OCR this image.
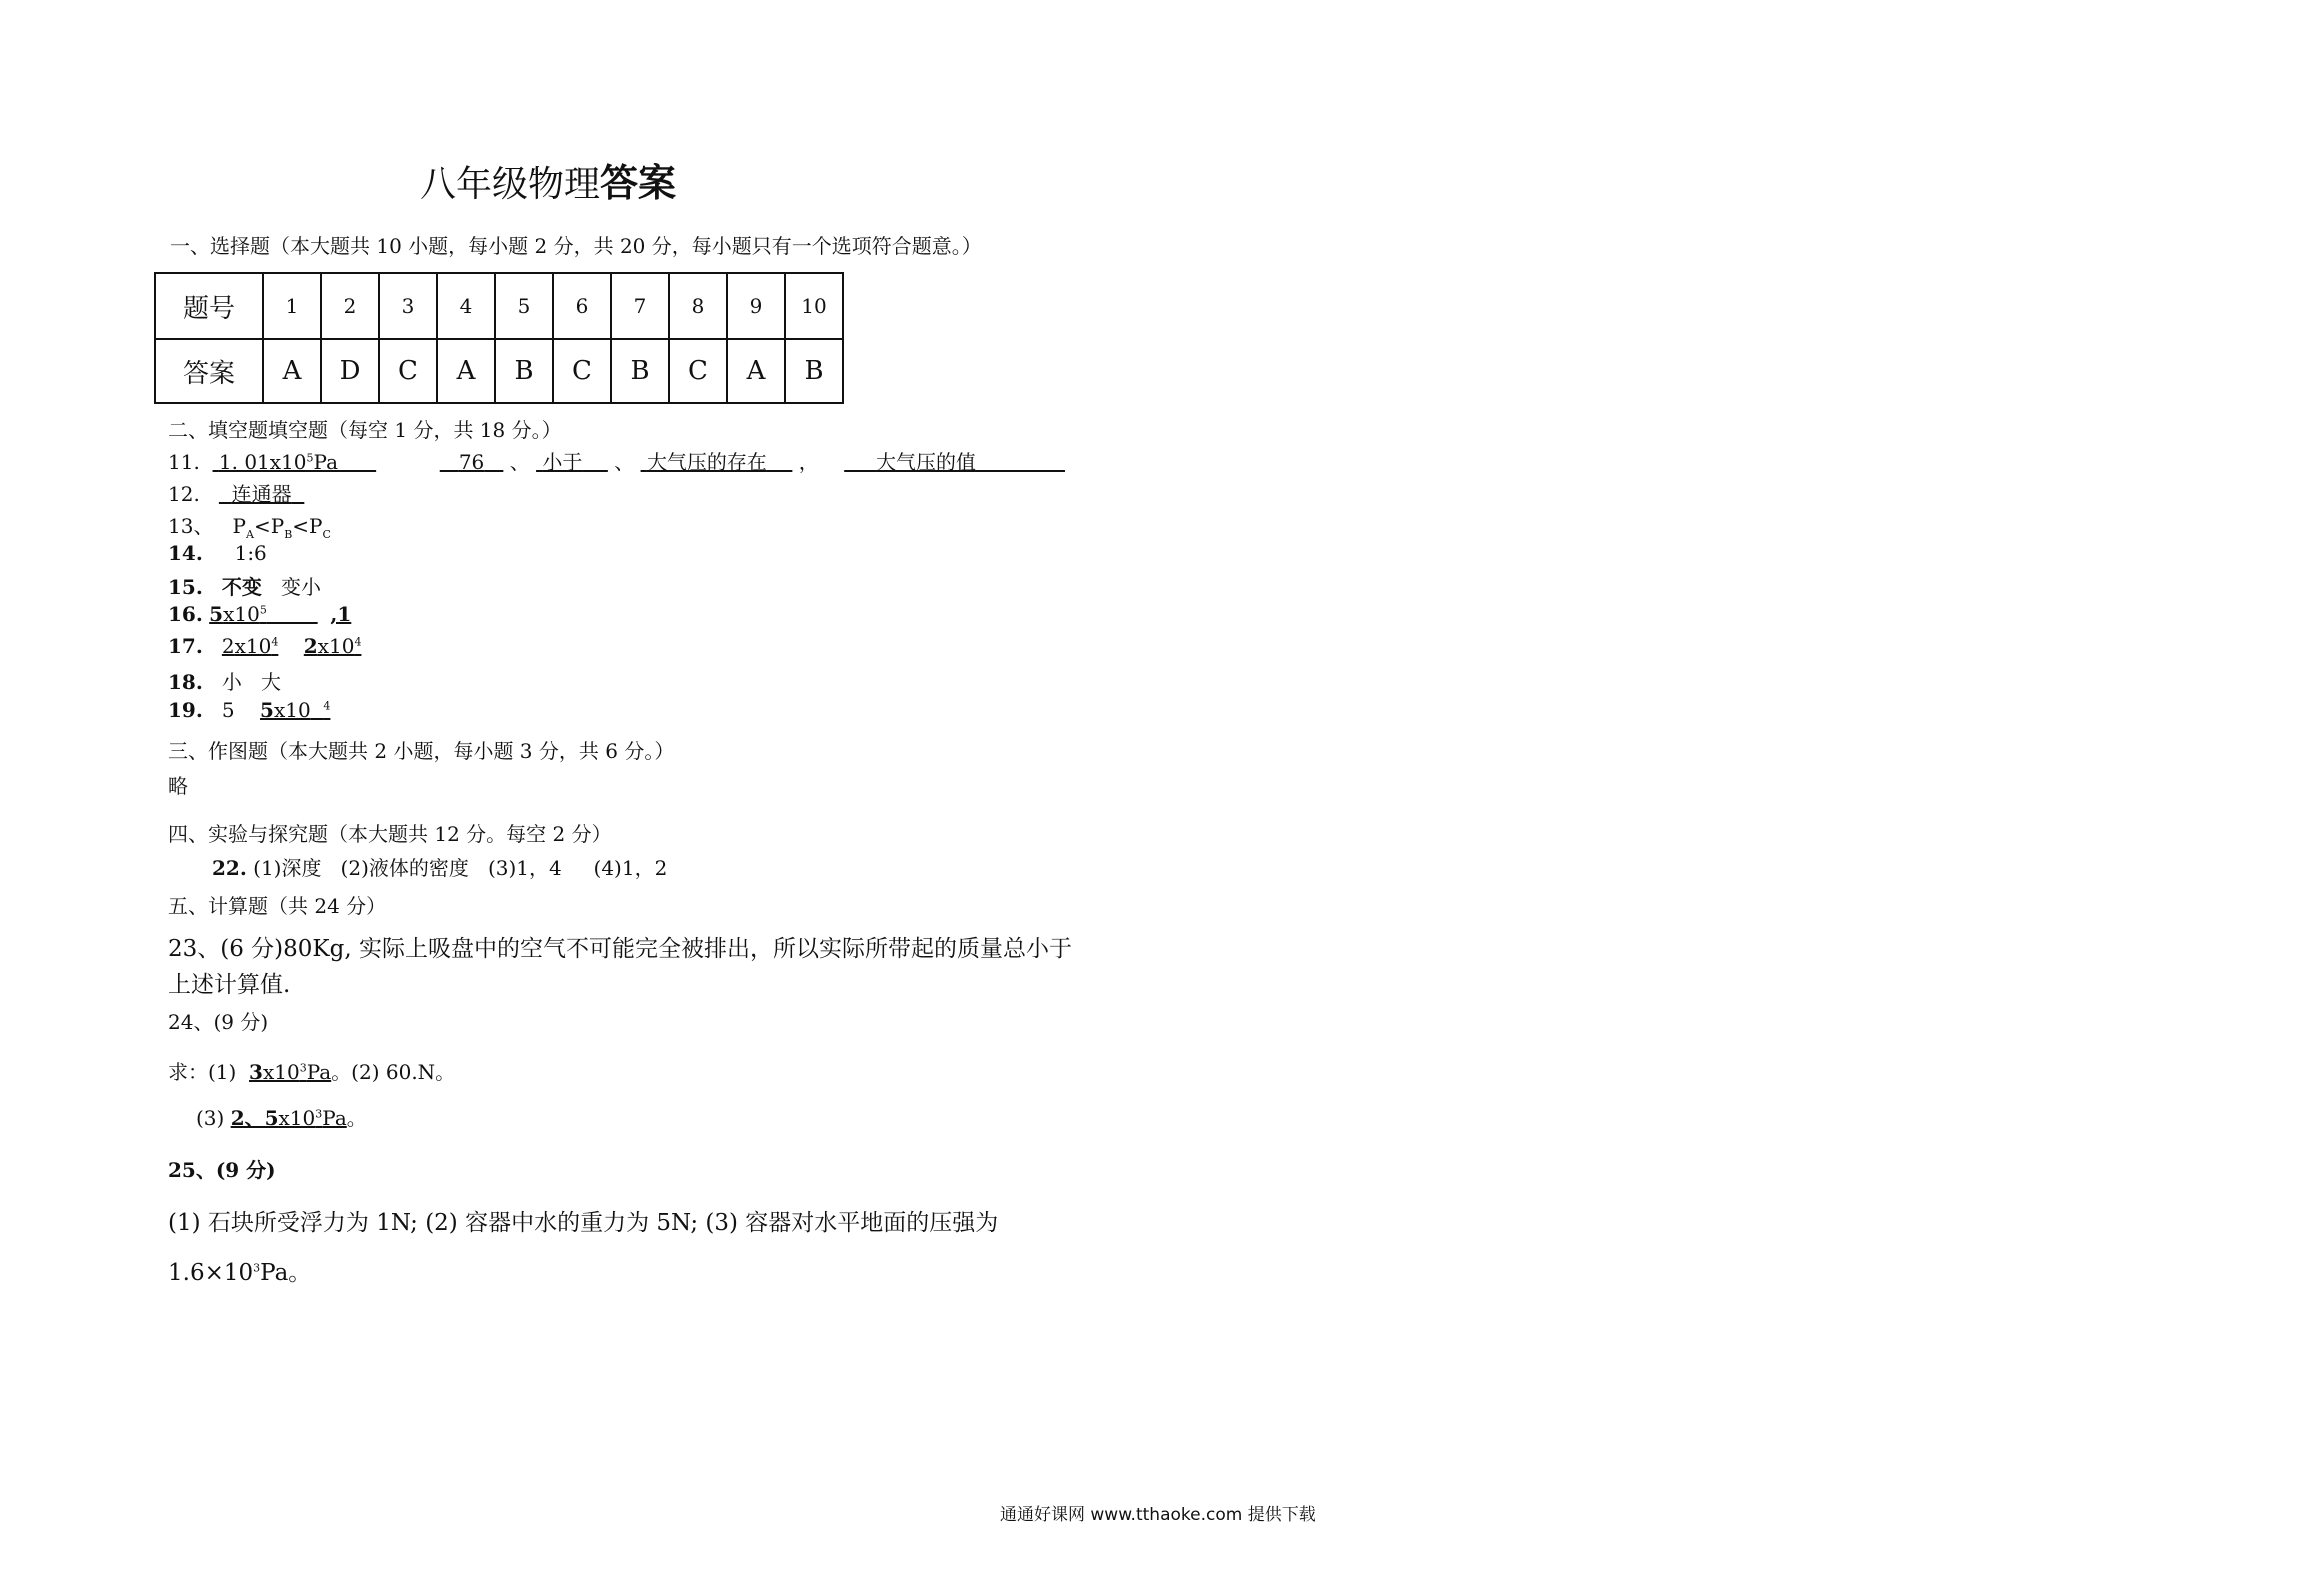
八年级物理答案
一、选择题（本大题共 10 小题，每小题 2 分，共 20 分，每小题只有一个选项符合题意。）
题号	1	2	3	4	5	6	7	8	9	10
答案	A	D	C	A	B	C	B	C	A	B
二、填空题填空题（每空 1 分，共 18 分。）
11. 1. $01x10^5Pa$	76 、 小于 、 大气压的存在 ，	大气压的值
12. 连通器
13、 $P_A<P_B<P_C$
14. 1:6
15. 不变 变小
16. $5x10^5$	,1
17. $2x10^4$ $2x10^4$
18. 小 大
19. 5 5x10 $^4$
三、作图题（本大题共 2 小题，每小题 3 分，共 6 分。）
略
四、实验与探究题（本大题共 12 分。每空 2 分）
22. (1)深度   (2)液体的密度   (3)1，4     (4)1，2
五、计算题（共 24 分）
23、(6 分)80Kg, 实际上吸盘中的空气不可能完全被排出，所以实际所带起的质量总小于
上述计算值.
24、(9 分)
求：(1)  $3x10^3Pa$。(2) 60.N。
(3) 2、$5x10^3Pa$。
25、(9 分)
(1) 石块所受浮力为 1N; (2) 容器中水的重力为 5N; (3) 容器对水平地面的压强为
$1.6\times 10^3Pa$。
通通好课网 www.tthaoke.com 提供下载
